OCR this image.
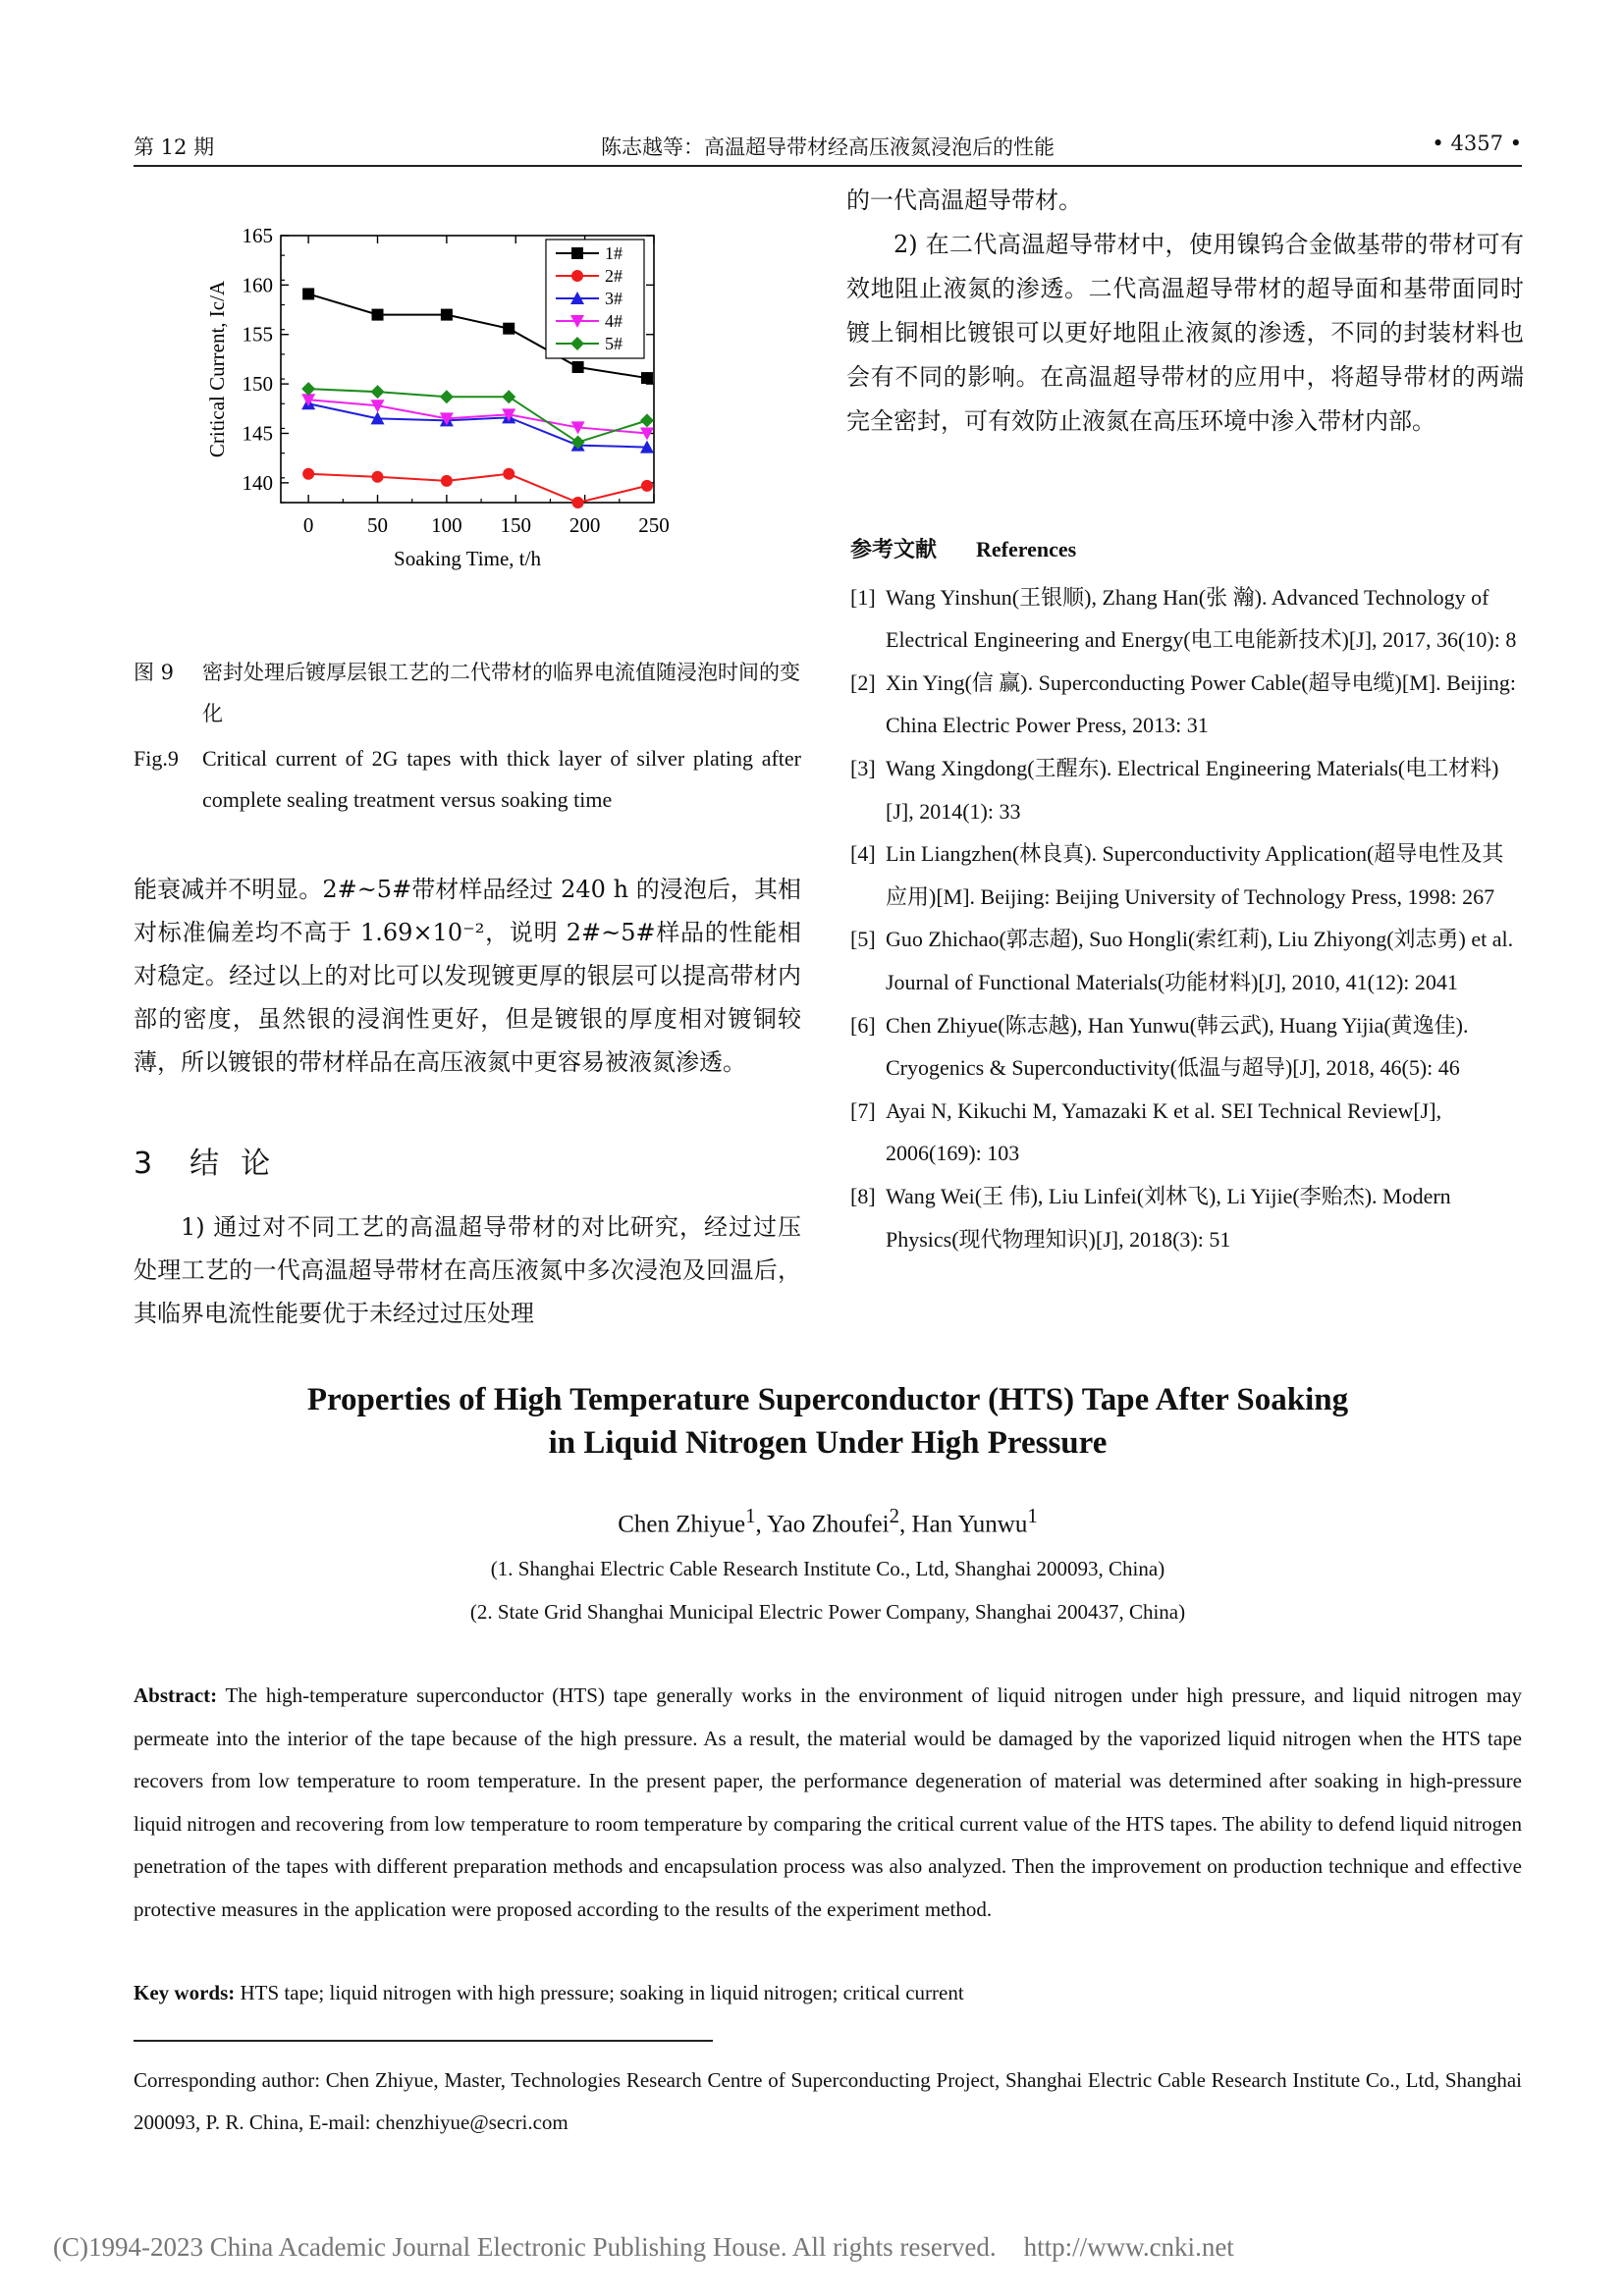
第 12 期	陈志越等：高温超导带材经高压液氮浸泡后的性能	• 4357 •

的一代高温超导带材。

2) 在二代高温超导带材中，使用镍钨合金做基带的带材可有效地阻止液氮的渗透。二代高温超导带材的超导面和基带面同时镀上铜相比镀银可以更好地阻止液氮的渗透，不同的封装材料也会有不同的影响。在高温超导带材的应用中，将超导带材的两端完全密封，可有效防止液氮在高压环境中渗入带材内部。

140
145
150
155
160
165
0	50 100 150 200 250
Soaking Time, t/h
Critical Current, Ic/A
1#
2#
3#
4#
5#
图 9	密封处理后镀厚层银工艺的二代带材的临界电流值随浸泡时间的变化
Fig.9	Critical current of 2G tapes with thick layer of silver plating after complete sealing treatment versus soaking time

能衰减并不明显。2#~5#带材样品经过 240 h 的浸泡后，其相对标准偏差均不高于 1.69×10⁻²，说明 2#~5#样品的性能相对稳定。经过以上的对比可以发现镀更厚的银层可以提高带材内部的密度，虽然银的浸润性更好，但是镀银的厚度相对镀铜较薄，所以镀银的带材样品在高压液氮中更容易被液氮渗透。

3 结论

1) 通过对不同工艺的高温超导带材的对比研究，经过过压处理工艺的一代高温超导带材在高压液氮中多次浸泡及回温后，其临界电流性能要优于未经过过压处理

参考文献 References
[1] Wang Yinshun(王银顺), Zhang Han(张 瀚). Advanced Technology of Electrical Engineering and Energy(电工电能新技术)[J], 2017, 36(10): 8
[2] Xin Ying(信 赢). Superconducting Power Cable(超导电缆)[M]. Beijing: China Electric Power Press, 2013: 31
[3] Wang Xingdong(王醒东). Electrical Engineering Materials(电工材料)[J], 2014(1): 33
[4] Lin Liangzhen(林良真). Superconductivity Application(超导电性及其应用)[M]. Beijing: Beijing University of Technology Press, 1998: 267
[5] Guo Zhichao(郭志超), Suo Hongli(索红莉), Liu Zhiyong(刘志勇) et al. Journal of Functional Materials(功能材料)[J], 2010, 41(12): 2041
[6] Chen Zhiyue(陈志越), Han Yunwu(韩云武), Huang Yijia(黄逸佳). Cryogenics & Superconductivity(低温与超导)[J], 2018, 46(5): 46
[7] Ayai N, Kikuchi M, Yamazaki K et al. SEI Technical Review[J], 2006(169): 103
[8] Wang Wei(王 伟), Liu Linfei(刘林飞), Li Yijie(李贻杰). Modern Physics(现代物理知识)[J], 2018(3): 51
Properties of High Temperature Superconductor (HTS) Tape After Soaking
in Liquid Nitrogen Under High Pressure
Chen Zhiyue$^1$, Yao Zhoufei$^2$, Han Yunwu$^1$
(1. Shanghai Electric Cable Research Institute Co., Ltd, Shanghai 200093, China)
(2. State Grid Shanghai Municipal Electric Power Company, Shanghai 200437, China)
Abstract: The high-temperature superconductor (HTS) tape generally works in the environment of liquid nitrogen under high pressure, and liquid nitrogen may permeate into the interior of the tape because of the high pressure. As a result, the material would be damaged by the vaporized liquid nitrogen when the HTS tape recovers from low temperature to room temperature. In the present paper, the performance degeneration of material was determined after soaking in high-pressure liquid nitrogen and recovering from low temperature to room temperature by comparing the critical current value of the HTS tapes. The ability to defend liquid nitrogen penetration of the tapes with different preparation methods and encapsulation process was also analyzed. Then the improvement on production technique and effective protective measures in the application were proposed according to the results of the experiment method.
Key words: HTS tape; liquid nitrogen with high pressure; soaking in liquid nitrogen; critical current
Corresponding author: Chen Zhiyue, Master, Technologies Research Centre of Superconducting Project, Shanghai Electric Cable Research Institute Co., Ltd, Shanghai 200093, P. R. China, E-mail: chenzhiyue@secri.com
(C)1994-2023 China Academic Journal Electronic Publishing House. All rights reserved. http://www.cnki.net
